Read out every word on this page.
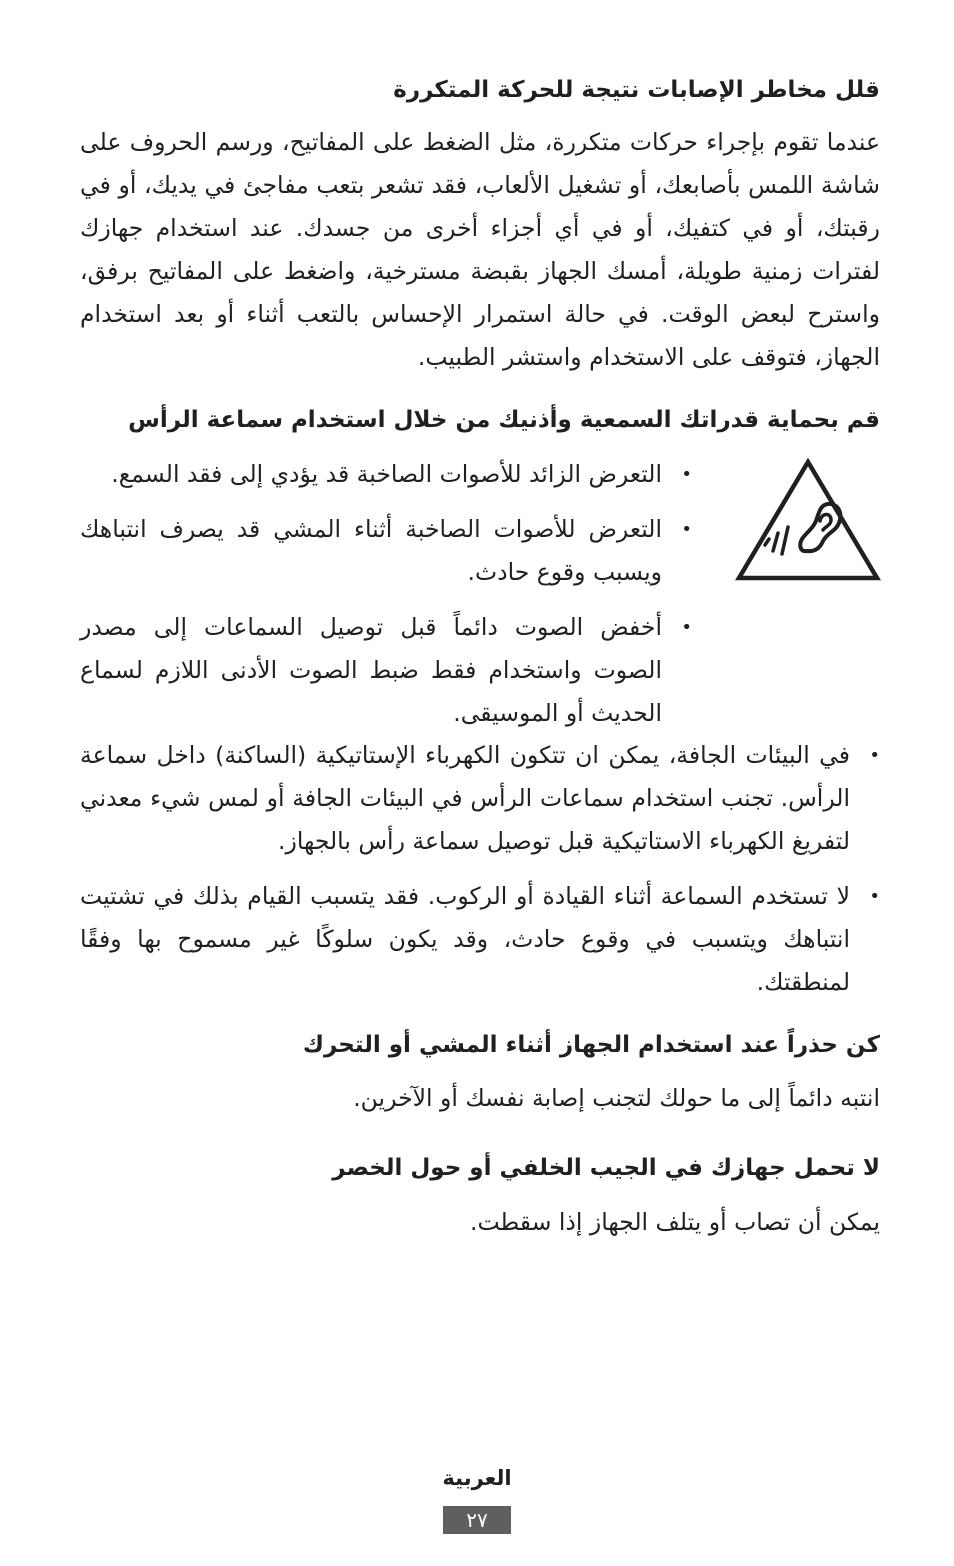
قلل مخاطر الإصابات نتيجة للحركة المتكررة

عندما تقوم بإجراء حركات متكررة، مثل الضغط على المفاتيح، ورسم الحروف على شاشة اللمس بأصابعك، أو تشغيل الألعاب، فقد تشعر بتعب مفاجئ في يديك، أو في رقبتك، أو في كتفيك، أو في أي أجزاء أخرى من جسدك. عند استخدام جهازك لفترات زمنية طويلة، أمسك الجهاز بقبضة مسترخية، واضغط على المفاتيح برفق، واسترح لبعض الوقت. في حالة استمرار الإحساس بالتعب أثناء أو بعد استخدام الجهاز، فتوقف على الاستخدام واستشر الطبيب.

قم بحماية قدراتك السمعية وأذنيك من خلال استخدام سماعة الرأس
•
التعرض الزائد للأصوات الصاخبة قد يؤدي إلى فقد السمع.
•
التعرض للأصوات الصاخبة أثناء المشي قد يصرف انتباهك ويسبب وقوع حادث.
•
أخفض الصوت دائماً قبل توصيل السماعات إلى مصدر الصوت واستخدام فقط ضبط الصوت الأدنى اللازم لسماع الحديث أو الموسيقى.
•
في البيئات الجافة، يمكن ان تتكون الكهرباء الإستاتيكية (الساكنة) داخل سماعة الرأس. تجنب استخدام سماعات الرأس في البيئات الجافة أو لمس شيء معدني لتفريغ الكهرباء الاستاتيكية قبل توصيل سماعة رأس بالجهاز.
•
لا تستخدم السماعة أثناء القيادة أو الركوب. فقد يتسبب القيام بذلك في تشتيت انتباهك ويتسبب في وقوع حادث، وقد يكون سلوكًا غير مسموح بها وفقًا لمنطقتك.
كن حذراً عند استخدام الجهاز أثناء المشي أو التحرك

انتبه دائماً إلى ما حولك لتجنب إصابة نفسك أو الآخرين.

لا تحمل جهازك في الجيب الخلفي أو حول الخصر

يمكن أن تصاب أو يتلف الجهاز إذا سقطت.

العربية
٢٧
